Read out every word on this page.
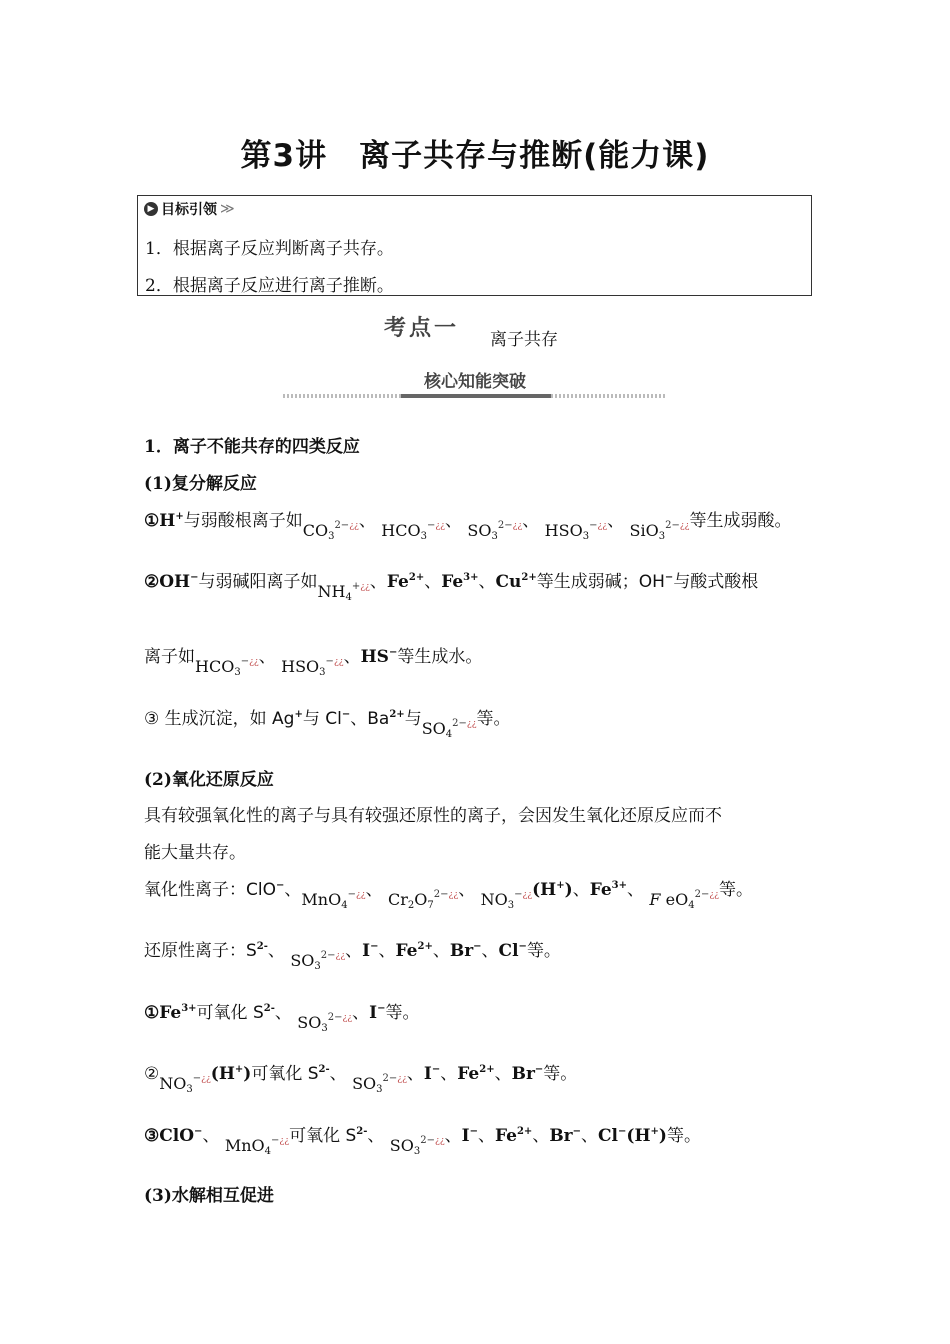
第3讲　离子共存与推断(能力课)
▶ 目标引领 ≫
1．根据离子反应判断离子共存。
2．根据离子反应进行离子推断。
考点一 离子共存
核心知能突破
1．离子不能共存的四类反应
(1)复分解反应
①H+与弱酸根离子如$CO_3^{2-¿¿}$、 $HCO_3^{-¿¿}$、 $SO_3^{2-¿¿}$、 $HSO_3^{-¿¿}$、 SiO$_3^{2-¿¿}$等生成弱酸。
②OH−与弱碱阳离子如$NH_4^{+¿¿}$、$Fe^{2+}$、$Fe^{3+}$、$Cu^{2+}$等生成弱碱；OH−与酸式酸根
离子如$HCO_3^{-¿¿}$、 $HSO_3^{-¿¿}$、HS−等生成水。
③ 生成沉淀，如 Ag+与 Cl−、$Ba^{2+}$与$SO_4^{2-¿¿}$等。
(2)氧化还原反应
具有较强氧化性的离子与具有较强还原性的离子，会因发生氧化还原反应而不
能大量共存。
氧化性离子：ClO−、MnO$_4$−¿¿、 $Cr_2O_7^{2-¿¿}$、 $NO_3^{-¿¿}(H^+)$、$Fe^{3+}$、 F $eO_4^{2-¿¿}$等。
还原性离子：$S^{2-}$、 $SO_3^{2-¿¿}$、I−、$Fe^{2+}$、Br−、Cl−等。
$①Fe^{3+}$可氧化 $S^{2-}$、 $SO_3^{2-¿¿}$、I−等。
$②NO_3^{-¿¿}(H^+)$可氧化 $S^{2-}$、 $SO_3^{2-¿¿}$、I−、$Fe^{2+}$、Br−等。
③ClO−、 MnO$_4$−¿¿可氧化 $S^{2-}$、 $SO_3^{2-¿¿}$、I−、$Fe^{2+}$、Br−、Cl−(H+)等。
(3)水解相互促进
